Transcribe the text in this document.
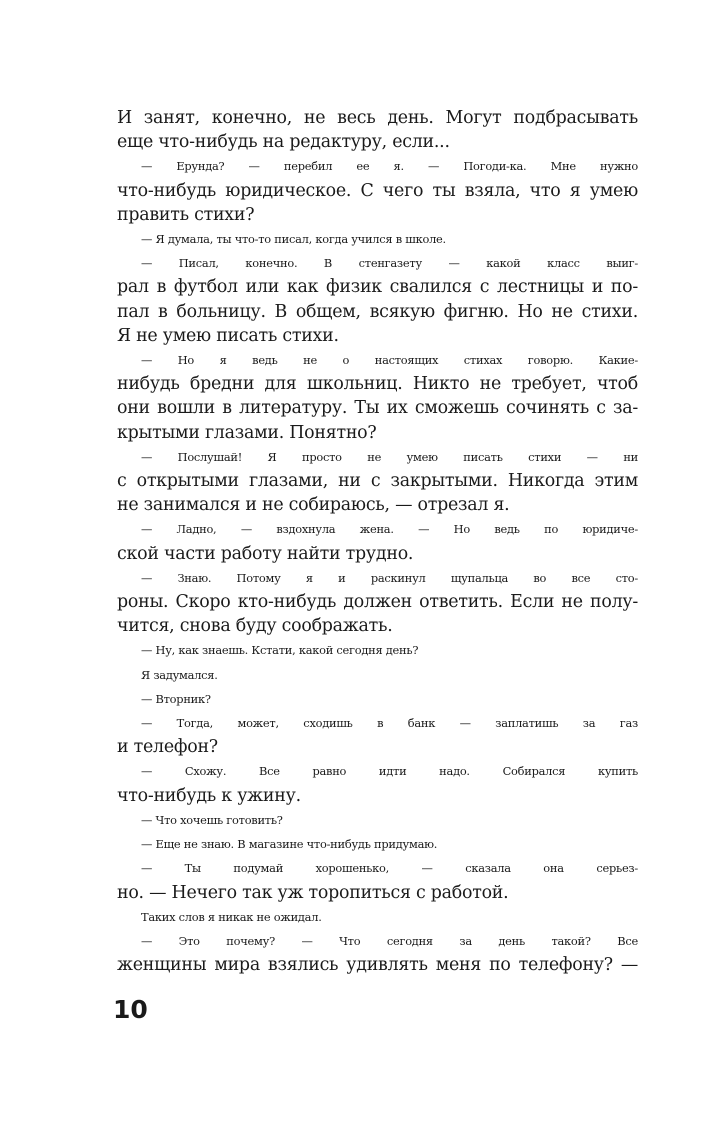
И занят, конечно, не весь день. Могут подбрасывать
еще что-нибудь на редактуру, если...
— Ерунда? — перебил ее я. — Погоди-ка. Мне нужно
что-нибудь юридическое. С чего ты взяла, что я умею
править стихи?
— Я думала, ты что-то писал, когда учился в школе.
— Писал, конечно. В стенгазету — какой класс выиг-
рал в футбол или как физик свалился с лестницы и по-
пал в больницу. В общем, всякую фигню. Но не стихи.
Я не умею писать стихи.
— Но я ведь не о настоящих стихах говорю. Какие-
нибудь бредни для школьниц. Никто не требует, чтоб
они вошли в литературу. Ты их сможешь сочинять с за-
крытыми глазами. Понятно?
— Послушай! Я просто не умею писать стихи — ни
с открытыми глазами, ни с закрытыми. Никогда этим
не занимался и не собираюсь, — отрезал я.
— Ладно, — вздохнула жена. — Но ведь по юридиче-
ской части работу найти трудно.
— Знаю. Потому я и раскинул щупальца во все сто-
роны. Скоро кто-нибудь должен ответить. Если не полу-
чится, снова буду соображать.
— Ну, как знаешь. Кстати, какой сегодня день?
Я задумался.
— Вторник?
— Тогда, может, сходишь в банк — заплатишь за газ
и телефон?
— Схожу. Все равно идти надо. Собирался купить
что-нибудь к ужину.
— Что хочешь готовить?
— Еще не знаю. В магазине что-нибудь придумаю.
— Ты подумай хорошенько, — сказала она серьез-
но. — Нечего так уж торопиться с работой.
Таких слов я никак не ожидал.
— Это почему? — Что сегодня за день такой? Все
женщины мира взялись удивлять меня по телефону? —
10
